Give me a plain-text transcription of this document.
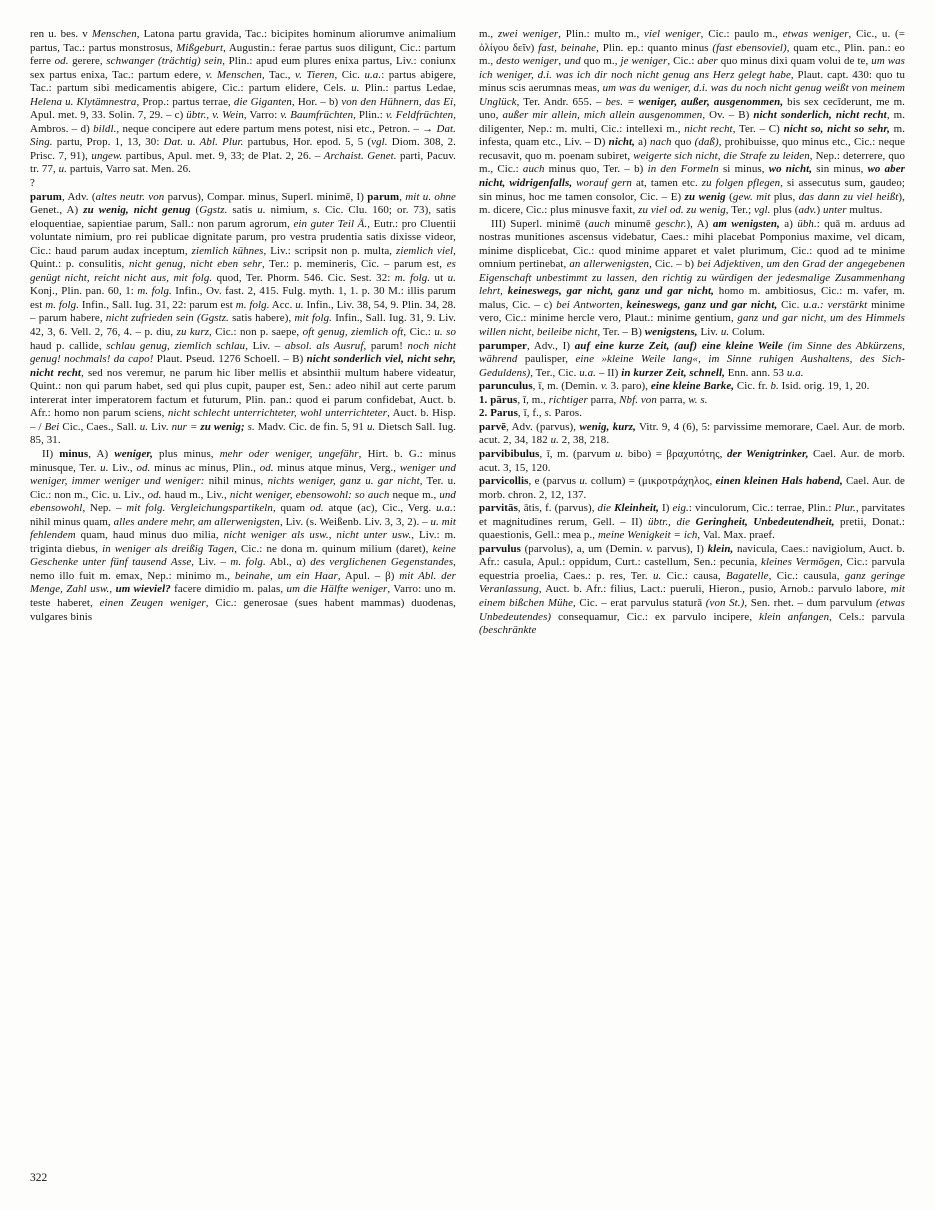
ren u. bes. v Menschen, Latona partu gravida, Tac.: bicipites hominum aliorumve animalium partus, Tac.: partus monstrosus, Mißgeburt, Augustin.: ferae partus suos diligunt, Cic.: partum ferre od. gerere, schwanger (trächtig) sein, Plin.: apud eum plures enixa partus, Liv.: coniunx sex partus enixa, Tac.: partum edere, v. Menschen, Tac., v. Tieren, Cic. u.a.: partus abigere, Tac.: partum sibi medicamentis abigere, Cic.: partum elidere, Cels. u. Plin.: partus Ledae, Helena u. Klytämnestra, Prop.: partus terrae, die Giganten, Hor. – b) von den Hühnern, das Ei, Apul. met. 9, 33. Solin. 7, 29. – c) übtr., v. Wein, Varro: v. Baumfrüchten, Plin.: v. Feldfrüchten, Ambros. – d) bildl., neque concipere aut edere partum mens potest, nisi etc., Petron. – → Dat. Sing. partu, Prop. 1, 13, 30: Dat. u. Abl. Plur. partubus, Hor. epod. 5, 5 (vgl. Diom. 308, 2. Prisc. 7, 91), ungew. partibus, Apul. met. 9, 33; de Plat. 2, 26. – Archaist. Genet. parti, Pacuv. tr. 77, u. partuis, Varro sat. Men. 26.

?

parum, Adv. (altes neutr. von parvus), Compar. minus, Superl. minimē, I) parum, mit u. ohne Genet., A) zu wenig, nicht genug (Ggstz. satis u. nimium, s. Cic. Clu. 160; or. 73), satis eloquentiae, sapientiae parum, Sall.: non parum agrorum, ein guter Teil Ä., Eutr.: pro Cluentii voluntate nimium, pro rei publicae dignitate parum, pro vestra prudentia satis dixisse videor, Cic.: haud parum audax inceptum, ziemlich kühnes, Liv.: scripsit non p. multa, ziemlich viel, Quint.: p. consulitis, nicht genug, nicht eben sehr, Ter.: p. memineris, Cic. – parum est, es genügt nicht, reicht nicht aus, mit folg. quod, Ter. Phorm. 546. Cic. Sest. 32: m. folg. ut u. Konj., Plin. pan. 60, 1: m. folg. Infin., Ov. fast. 2, 415. Fulg. myth. 1, 1. p. 30 M.: illis parum est m. folg. Infin., Sall. Iug. 31, 22: parum est m. folg. Acc. u. Infin., Liv. 38, 54, 9. Plin. 34, 28. – parum habere, nicht zufrieden sein (Ggstz. satis habere), mit folg. Infin., Sall. Iug. 31, 9. Liv. 42, 3, 6. Vell. 2, 76, 4. – p. diu, zu kurz, Cic.: non p. saepe, oft genug, ziemlich oft, Cic.: u. so haud p. callide, schlau genug, ziemlich schlau, Liv. – absol. als Ausruf, parum! noch nicht genug! nochmals! da capo! Plaut. Pseud. 1276 Schoell. – B) nicht sonderlich viel, nicht sehr, nicht recht, sed nos veremur, ne parum hic liber mellis et absinthii multum habere videatur, Quint.: non qui parum habet, sed qui plus cupit, pauper est, Sen.: adeo nihil aut certe parum intererat inter imperatorem factum et futurum, Plin. pan.: quod ei parum confidebat, Auct. b. Afr.: homo non parum sciens, nicht schlecht unterrichteter, wohl unterrichteter, Auct. b. Hisp. – / Bei Cic., Caes., Sall. u. Liv. nur = zu wenig; s. Madv. Cic. de fin. 5, 91 u. Dietsch Sall. Iug. 85, 31.

II) minus, A) weniger, plus minus, mehr oder weniger, ungefähr, Hirt. b. G.: minus minusque, Ter. u. Liv., od. minus ac minus, Plin., od. minus atque minus, Verg., weniger und weniger, immer weniger und weniger: nihil minus, nichts weniger, ganz u. gar nicht, Ter. u. Cic.: non m., Cic. u. Liv., od. haud m., Liv., nicht weniger, ebensowohl: so auch neque m., und ebensowohl, Nep. – mit folg. Vergleichungspartikeln, quam od. atque (ac), Cic., Verg. u.a.: nihil minus quam, alles andere mehr, am allerwenigsten, Liv. (s. Weißenb. Liv. 3, 3, 2). – u. mit fehlendem quam, haud minus duo milia, nicht weniger als usw., nicht unter usw., Liv.: m. triginta diebus, in weniger als dreißig Tagen, Cic.: ne dona m. quinum milium (daret), keine Geschenke unter fünf tausend Asse, Liv. – m. folg. Abl., α) des verglichenen Gegenstandes, nemo illo fuit m. emax, Nep.: minimo m., beinahe, um ein Haar, Apul. – β) mit Abl. der Menge, Zahl usw., um wieviel? facere dimidio m. palas, um die Hälfte weniger, Varro: uno m. teste haberet, einen Zeugen weniger, Cic.: generosae (sues habent mammas) duodenas, vulgares binis

m., zwei weniger, Plin.: multo m., viel weniger, Cic.: paulo m., etwas weniger, Cic., u. (= ὀλίγου δεῖν) fast, beinahe, Plin. ep.: quanto minus (fast ebensoviel), quam etc., Plin. pan.: eo m., desto weniger, und quo m., je weniger, Cic.: aber quo minus dixi quam volui de te, um was ich weniger, d.i. was ich dir noch nicht genug ans Herz gelegt habe, Plaut. capt. 430: quo tu minus scis aerumnas meas, um was du weniger, d.i. was du noch nicht genug weißt von meinem Unglück, Ter. Andr. 655. – bes. = weniger, außer, ausgenommen, bis sex cecīderunt, me m. uno, außer mir allein, mich allein ausgenommen, Ov. – B) nicht sonderlich, nicht recht, m. diligenter, Nep.: m. multi, Cic.: intellexi m., nicht recht, Ter. – C) nicht so, nicht so sehr, m. infesta, quam etc., Liv. – D) nicht, a) nach quo (daß), prohibuisse, quo minus etc., Cic.: neque recusavit, quo m. poenam subiret, weigerte sich nicht, die Strafe zu leiden, Nep.: deterrere, quo m., Cic.: auch minus quo, Ter. – b) in den Formeln si minus, wo nicht, sin minus, wo aber nicht, widrigenfalls, worauf gern at, tamen etc. zu folgen pflegen, si assecutus sum, gaudeo; sin minus, hoc me tamen consolor, Cic. – E) zu wenig (gew. mit plus, das dann zu viel heißt), m. dicere, Cic.: plus minusve faxit, zu viel od. zu wenig, Ter.; vgl. plus (adv.) unter multus.

III) Superl. minimē (auch minumē geschr.), A) am wenigsten, a) übh.: quā m. arduus ad nostras munitiones ascensus videbatur, Caes.: mihi placebat Pomponius maxime, vel dicam, minime displicebat, Cic.: quod minime apparet et valet plurimum, Cic.: quod ad te minime omnium pertinebat, an allerwenigsten, Cic. – b) bei Adjektiven, um den Grad der angegebenen Eigenschaft unbestimmt zu lassen, den richtig zu würdigen der jedesmalige Zusammenhang lehrt, keineswegs, gar nicht, ganz und gar nicht, homo m. ambitiosus, Cic.: m. vafer, m. malus, Cic. – c) bei Antworten, keineswegs, ganz und gar nicht, Cic. u.a.: verstärkt minime vero, Cic.: minime hercle vero, Plaut.: minime gentium, ganz und gar nicht, um des Himmels willen nicht, beileibe nicht, Ter. – B) wenigstens, Liv. u. Colum.

parumper, Adv., I) auf eine kurze Zeit, (auf) eine kleine Weile (im Sinne des Abkürzens, während paulisper, eine »kleine Weile lang«, im Sinne ruhigen Aushaltens, des Sich-Geduldens), Ter., Cic. u.a. – II) in kurzer Zeit, schnell, Enn. ann. 53 u.a.

parunculus, ī, m. (Demin. v. 3. paro), eine kleine Barke, Cic. fr. b. Isid. orig. 19, 1, 20.

1. pārus, ī, m., richtiger parra, Nbf. von parra, w. s.

2. Parus, ī, f., s. Paros.

parvē, Adv. (parvus), wenig, kurz, Vitr. 9, 4 (6), 5: parvissime memorare, Cael. Aur. de morb. acut. 2, 34, 182 u. 2, 38, 218.

parvibibulus, ī, m. (parvum u. bibo) = βραχυπότης, der Wenigtrinker, Cael. Aur. de morb. acut. 3, 15, 120.

parvicollis, e (parvus u. collum) = (μικροτράχηλος, einen kleinen Hals habend, Cael. Aur. de morb. chron. 2, 12, 137.

parvitās, ātis, f. (parvus), die Kleinheit, I) eig.: vinculorum, Cic.: terrae, Plin.: Plur., parvitates et magnitudines rerum, Gell. – II) übtr., die Geringheit, Unbedeutendheit, pretii, Donat.: quaestionis, Gell.: mea p., meine Wenigkeit = ich, Val. Max. praef.

parvulus (parvolus), a, um (Demin. v. parvus), I) klein, navicula, Caes.: navigiolum, Auct. b. Afr.: casula, Apul.: oppidum, Curt.: castellum, Sen.: pecunia, kleines Vermögen, Cic.: parvula equestria proelia, Caes.: p. res, Ter. u. Cic.: causa, Bagatelle, Cic.: causula, ganz geringe Veranlassung, Auct. b. Afr.: filius, Lact.: pueruli, Hieron., pusio, Arnob.: parvulo labore, mit einem bißchen Mühe, Cic. – erat parvulus staturā (von St.), Sen. rhet. – dum parvulum (etwas Unbedeutendes) consequamur, Cic.: ex parvulo incipere, klein anfangen, Cels.: parvula (beschränkte

322
